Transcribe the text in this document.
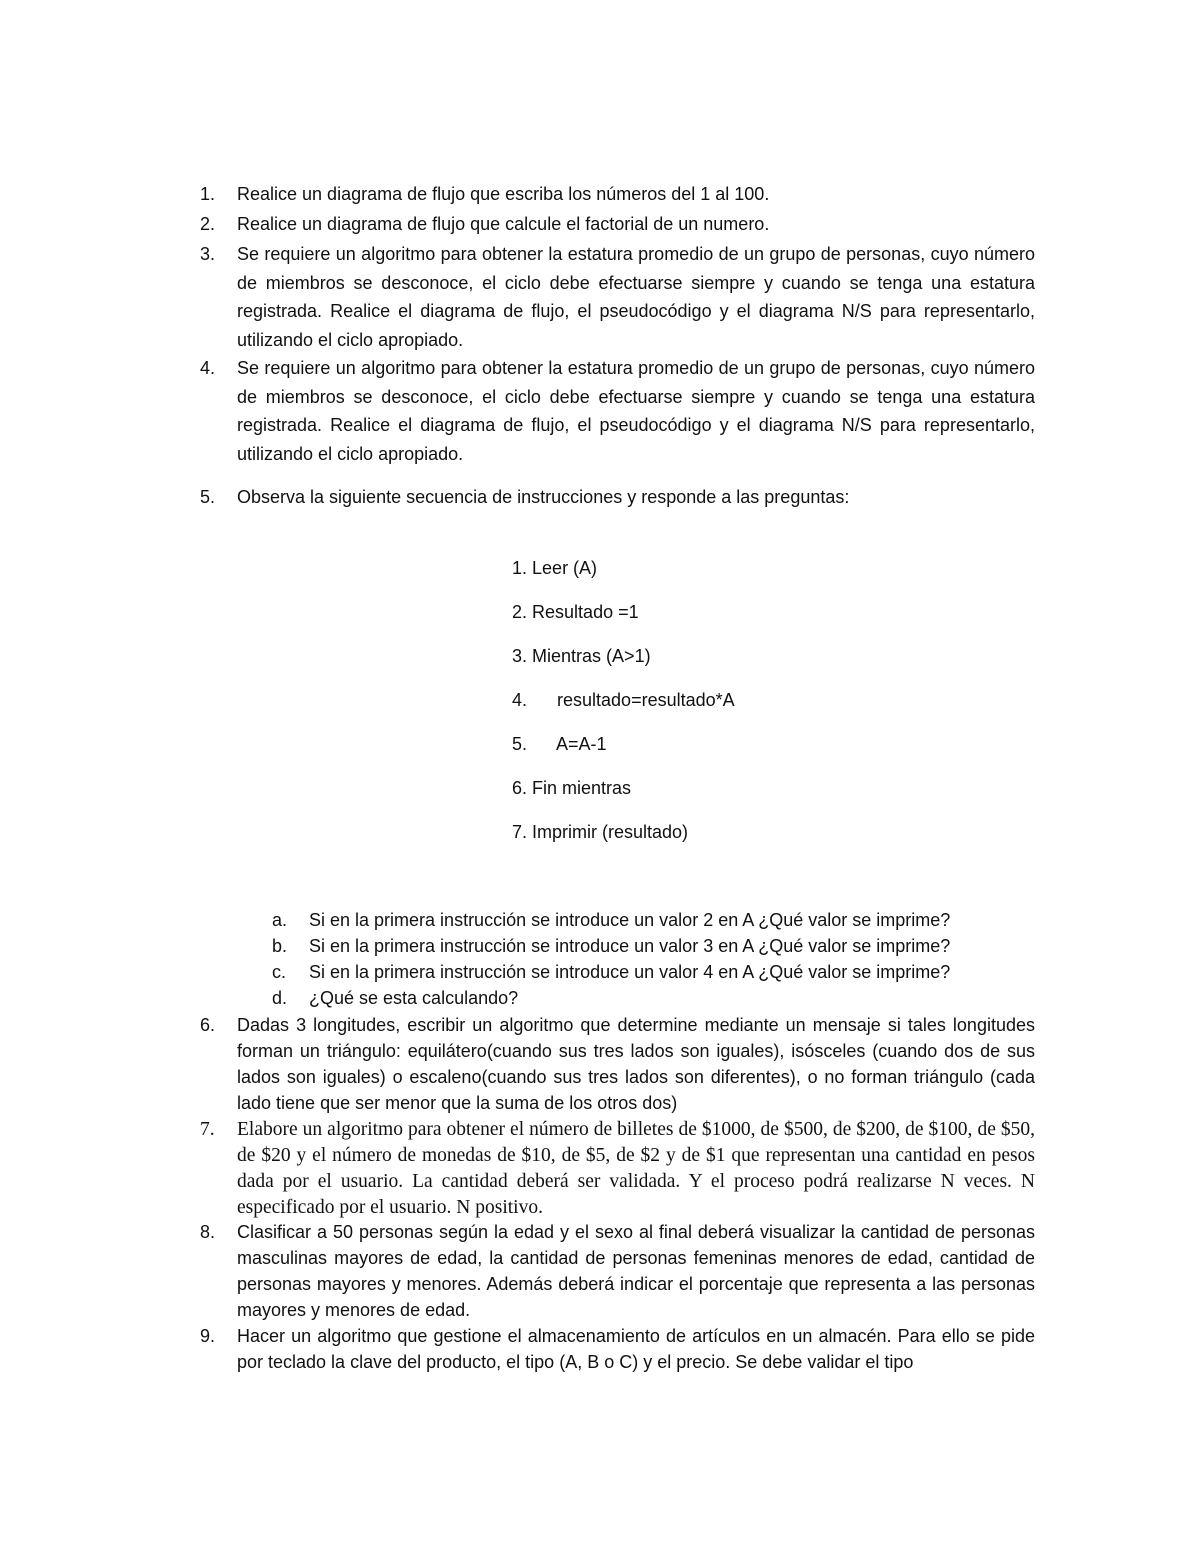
1.	Realice un diagrama de flujo que escriba los números del 1 al 100.
2.	Realice un diagrama de flujo que calcule el factorial de un numero.
3.	Se requiere un algoritmo para obtener la estatura promedio de un grupo de personas, cuyo número de miembros se desconoce, el ciclo debe efectuarse siempre y cuando se tenga una estatura registrada. Realice el diagrama de flujo, el pseudocódigo y el diagrama N/S para representarlo, utilizando el ciclo apropiado.
4.	Se requiere un algoritmo para obtener la estatura promedio de un grupo de personas, cuyo número de miembros se desconoce, el ciclo debe efectuarse siempre y cuando se tenga una estatura registrada. Realice el diagrama de flujo, el pseudocódigo y el diagrama N/S para representarlo, utilizando el ciclo apropiado.
5.	Observa la siguiente secuencia de instrucciones y responde a las preguntas:
1. Leer (A)
2. Resultado =1
3. Mientras (A>1)
4. resultado=resultado*A
5. A=A-1
6. Fin mientras
7. Imprimir (resultado)
a. Si en la primera instrucción se introduce un valor 2 en A ¿Qué valor se imprime?
b. Si en la primera instrucción se introduce un valor 3 en A ¿Qué valor se imprime?
c. Si en la primera instrucción se introduce un valor 4 en A ¿Qué valor se imprime?
d. ¿Qué se esta calculando?
6.	Dadas 3 longitudes, escribir un algoritmo que determine mediante un mensaje si tales longitudes forman un triángulo: equilátero(cuando sus tres lados son iguales), isósceles (cuando dos de sus lados son iguales) o escaleno(cuando sus tres lados son diferentes), o no forman triángulo (cada lado tiene que ser menor que la suma de los otros dos)
7.	Elabore un algoritmo para obtener el número de billetes de $1000, de $500, de $200, de $100, de $50, de $20 y el número de monedas de $10, de $5, de $2 y de $1 que representan una cantidad en pesos dada por el usuario. La cantidad deberá ser validada. Y el proceso podrá realizarse N veces. N especificado por el usuario. N positivo.
8.	Clasificar a 50 personas según la edad y el sexo al final deberá visualizar la cantidad de personas masculinas mayores de edad, la cantidad de personas femeninas menores de edad, cantidad de personas mayores y menores. Además deberá indicar el porcentaje que representa a las personas mayores y menores de edad.
9.	Hacer un algoritmo que gestione el almacenamiento de artículos en un almacén. Para ello se pide por teclado la clave del producto, el tipo (A, B o C) y el precio. Se debe validar el tipo
